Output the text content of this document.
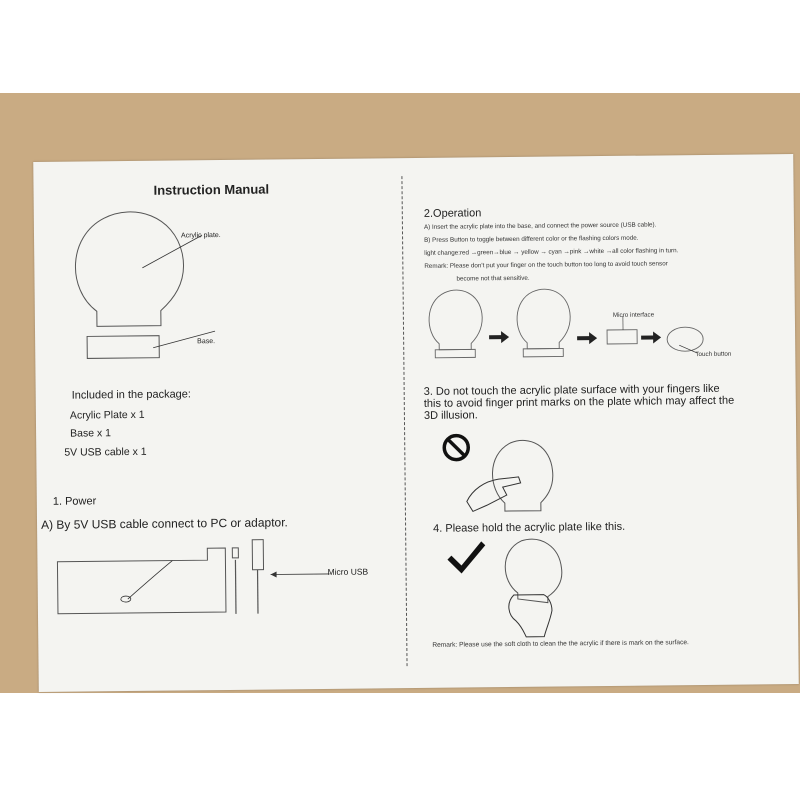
Instruction Manual
Acrylic plate.
Base.
Included in the package:
Acrylic Plate x 1
Base x 1
5V USB cable x 1
1. Power
A) By 5V USB cable connect to PC or adaptor.
Micro USB
2.Operation
A) Insert the acrylic plate into the base, and connect the power source (USB cable).
B) Press Button to toggle between different color or the flashing colors mode.
light change:red →green→blue → yellow → cyan →pink →white →all color flashing in turn.
Remark: Please don't put your finger on the touch button too long to avoid touch sensor
become not that sensitive.
Micro interface
Touch button
3. Do not touch the acrylic plate surface with your fingers like this to avoid finger print marks on the plate which may affect the 3D illusion.
4. Please hold the acrylic plate like this.
Remark: Please use the soft cloth to clean the the acrylic if there is mark on the surface.
